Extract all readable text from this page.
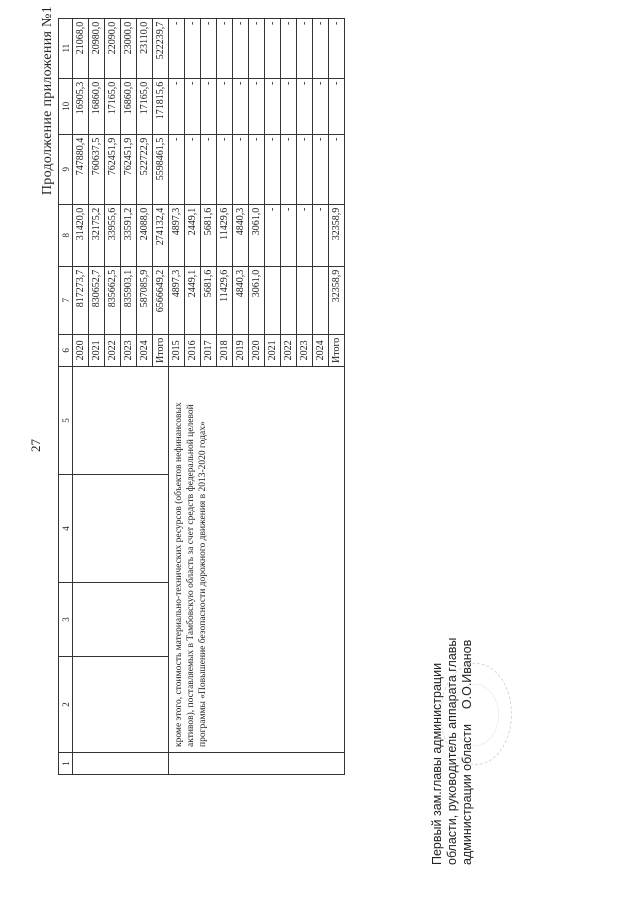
27
Продолжение приложения №1
1	2	3	4	5	6	7	8	9	10	11
					2020	817273,7	31420,0	747880,4	16905,3	21068,0
					2021	830652,7	32175,2	760637,5	16860,0	20980,0
					2022	835662,5	33955,6	762451,9	17165,0	22090,0
					2023	835903,1	33591,2	762451,9	16860,0	23000,0
					2024	587085,9	24088,0	522722,9	17165,0	23110,0
					Итого	6566649,2	274132,4	5598461,5	171815,6	522239,7
	кроме этого, стоимость материально-технических ресурсов (объектов нефинансовых активов), поставляемых в Тамбовскую область за счет средств федеральной целевой программы «Повышение безопасности дорожного движения в 2013-2020 годах»				2015	4897,3	4897,3	-	-	-
					2016	2449,1	2449,1	-	-	-
					2017	5681,6	5681,6	-	-	-
					2018	11429,6	11429,6	-	-	-
					2019	4840,3	4840,3	-	-	-
					2020	3061,0	3061,0	-	-	-
					2021		-	-	-	-
					2022		-	-	-	-
					2023		-	-	-	-
					2024		-	-	-	-
					Итого	32358,9	32358,9	-	-	-
Первый зам.главы администрации области, руководитель аппарата главы администрации области  О.О.Иванов
